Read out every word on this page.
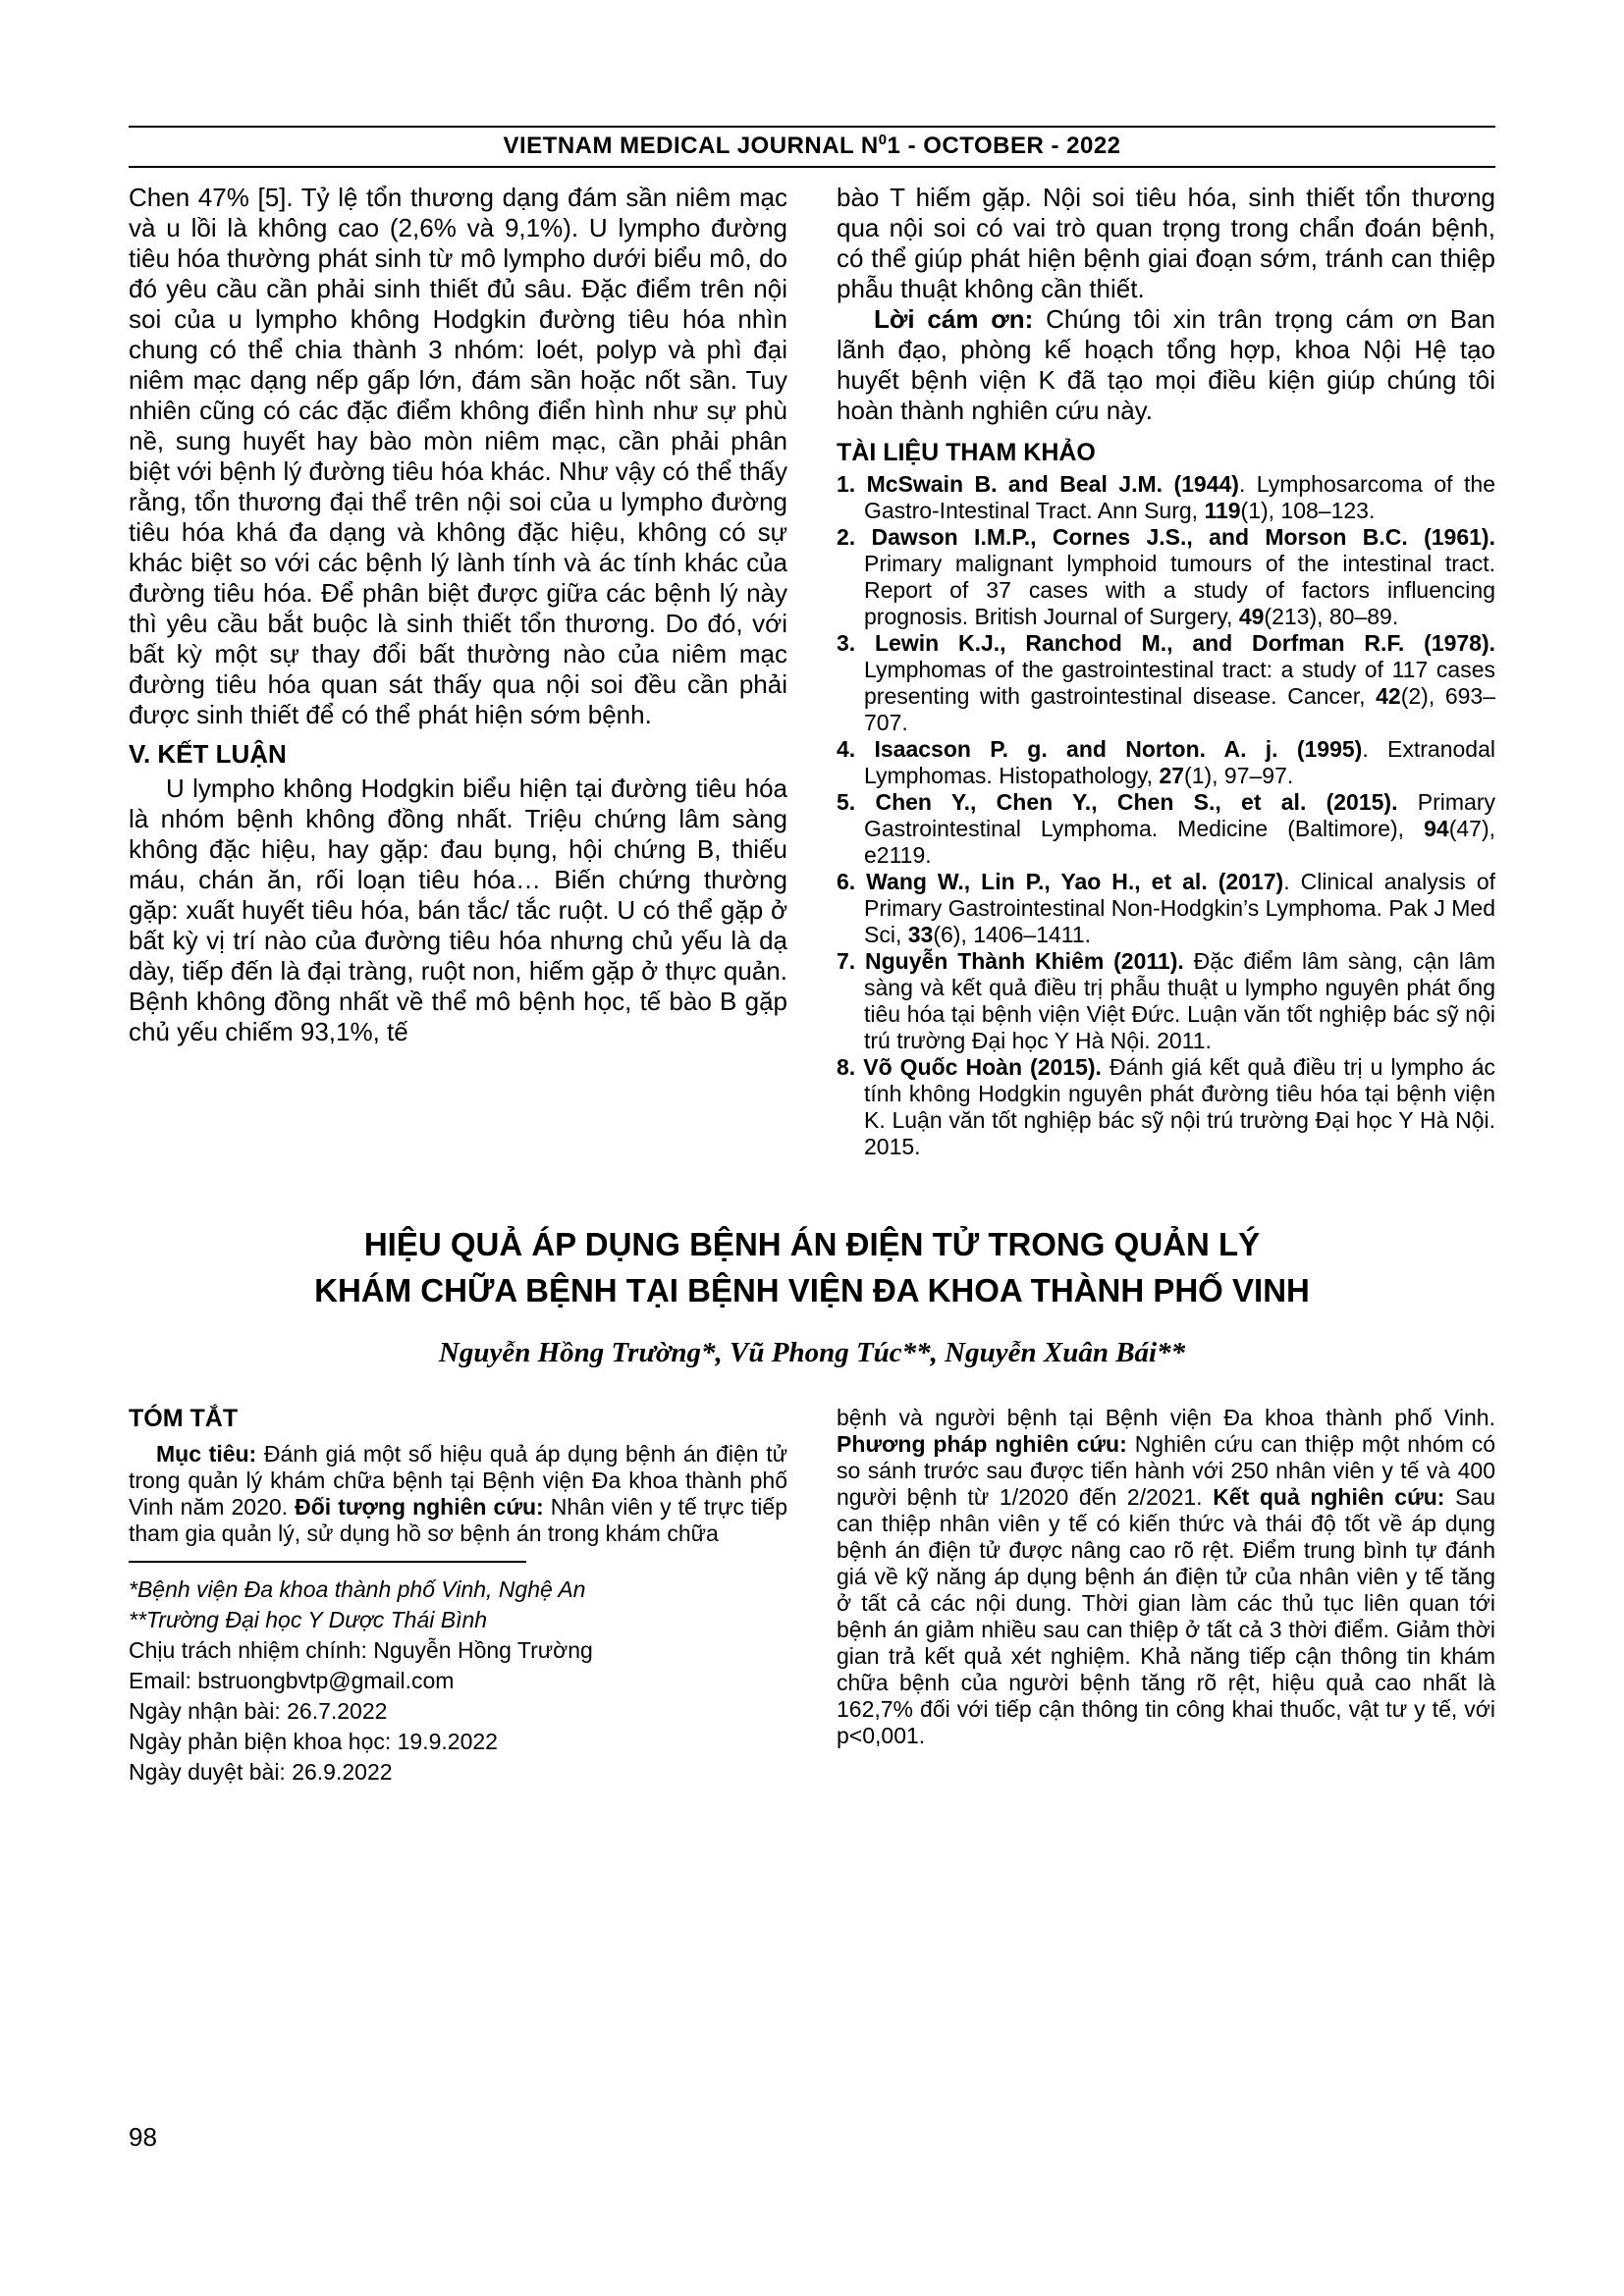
VIETNAM MEDICAL JOURNAL $N^01$ - OCTOBER - 2022

Chen 47% [5]. Tỷ lệ tổn thương dạng đám sần niêm mạc và u lồi là không cao (2,6% và 9,1%). U lympho đường tiêu hóa thường phát sinh từ mô lympho dưới biểu mô, do đó yêu cầu cần phải sinh thiết đủ sâu. Đặc điểm trên nội soi của u lympho không Hodgkin đường tiêu hóa nhìn chung có thể chia thành 3 nhóm: loét, polyp và phì đại niêm mạc dạng nếp gấp lớn, đám sần hoặc nốt sần. Tuy nhiên cũng có các đặc điểm không điển hình như sự phù nề, sung huyết hay bào mòn niêm mạc, cần phải phân biệt với bệnh lý đường tiêu hóa khác. Như vậy có thể thấy rằng, tổn thương đại thể trên nội soi của u lympho đường tiêu hóa khá đa dạng và không đặc hiệu, không có sự khác biệt so với các bệnh lý lành tính và ác tính khác của đường tiêu hóa. Để phân biệt được giữa các bệnh lý này thì yêu cầu bắt buộc là sinh thiết tổn thương. Do đó, với bất kỳ một sự thay đổi bất thường nào của niêm mạc đường tiêu hóa quan sát thấy qua nội soi đều cần phải được sinh thiết để có thể phát hiện sớm bệnh.

V. KẾT LUẬN

U lympho không Hodgkin biểu hiện tại đường tiêu hóa là nhóm bệnh không đồng nhất. Triệu chứng lâm sàng không đặc hiệu, hay gặp: đau bụng, hội chứng B, thiếu máu, chán ăn, rối loạn tiêu hóa… Biến chứng thường gặp: xuất huyết tiêu hóa, bán tắc/ tắc ruột. U có thể gặp ở bất kỳ vị trí nào của đường tiêu hóa nhưng chủ yếu là dạ dày, tiếp đến là đại tràng, ruột non, hiếm gặp ở thực quản. Bệnh không đồng nhất về thể mô bệnh học, tế bào B gặp chủ yếu chiếm 93,1%, tế

bào T hiếm gặp. Nội soi tiêu hóa, sinh thiết tổn thương qua nội soi có vai trò quan trọng trong chẩn đoán bệnh, có thể giúp phát hiện bệnh giai đoạn sớm, tránh can thiệp phẫu thuật không cần thiết.

Lời cám ơn: Chúng tôi xin trân trọng cám ơn Ban lãnh đạo, phòng kế hoạch tổng hợp, khoa Nội Hệ tạo huyết bệnh viện K đã tạo mọi điều kiện giúp chúng tôi hoàn thành nghiên cứu này.

TÀI LIỆU THAM KHẢO
1. McSwain B. and Beal J.M. (1944). Lymphosarcoma of the Gastro-Intestinal Tract. Ann Surg, 119(1), 108–123.
2. Dawson I.M.P., Cornes J.S., and Morson B.C. (1961). Primary malignant lymphoid tumours of the intestinal tract. Report of 37 cases with a study of factors influencing prognosis. British Journal of Surgery, 49(213), 80–89.
3. Lewin K.J., Ranchod M., and Dorfman R.F. (1978). Lymphomas of the gastrointestinal tract: a study of 117 cases presenting with gastrointestinal disease. Cancer, 42(2), 693–707.
4. Isaacson P. g. and Norton. A. j. (1995). Extranodal Lymphomas. Histopathology, 27(1), 97–97.
5. Chen Y., Chen Y., Chen S., et al. (2015). Primary Gastrointestinal Lymphoma. Medicine (Baltimore), 94(47), e2119.
6. Wang W., Lin P., Yao H., et al. (2017). Clinical analysis of Primary Gastrointestinal Non-Hodgkin’s Lymphoma. Pak J Med Sci, 33(6), 1406–1411.
7. Nguyễn Thành Khiêm (2011). Đặc điểm lâm sàng, cận lâm sàng và kết quả điều trị phẫu thuật u lympho nguyên phát ống tiêu hóa tại bệnh viện Việt Đức. Luận văn tốt nghiệp bác sỹ nội trú trường Đại học Y Hà Nội. 2011.
8. Võ Quốc Hoàn (2015). Đánh giá kết quả điều trị u lympho ác tính không Hodgkin nguyên phát đường tiêu hóa tại bệnh viện K. Luận văn tốt nghiệp bác sỹ nội trú trường Đại học Y Hà Nội. 2015.
HIỆU QUẢ ÁP DỤNG BỆNH ÁN ĐIỆN TỬ TRONG QUẢN LÝ
KHÁM CHỮA BỆNH TẠI BỆNH VIỆN ĐA KHOA THÀNH PHỐ VINH
Nguyễn Hồng Trường*, Vũ Phong Túc**, Nguyễn Xuân Bái**
TÓM TẮT

Mục tiêu: Đánh giá một số hiệu quả áp dụng bệnh án điện tử trong quản lý khám chữa bệnh tại Bệnh viện Đa khoa thành phố Vinh năm 2020. Đối tượng nghiên cứu: Nhân viên y tế trực tiếp tham gia quản lý, sử dụng hồ sơ bệnh án trong khám chữa

*Bệnh viện Đa khoa thành phố Vinh, Nghệ An
**Trường Đại học Y Dược Thái Bình
Chịu trách nhiệm chính: Nguyễn Hồng Trường
Email: bstruongbvtp@gmail.com
Ngày nhận bài: 26.7.2022
Ngày phản biện khoa học: 19.9.2022
Ngày duyệt bài: 26.9.2022

bệnh và người bệnh tại Bệnh viện Đa khoa thành phố Vinh. Phương pháp nghiên cứu: Nghiên cứu can thiệp một nhóm có so sánh trước sau được tiến hành với 250 nhân viên y tế và 400 người bệnh từ 1/2020 đến 2/2021. Kết quả nghiên cứu: Sau can thiệp nhân viên y tế có kiến thức và thái độ tốt về áp dụng bệnh án điện tử được nâng cao rõ rệt. Điểm trung bình tự đánh giá về kỹ năng áp dụng bệnh án điện tử của nhân viên y tế tăng ở tất cả các nội dung. Thời gian làm các thủ tục liên quan tới bệnh án giảm nhiều sau can thiệp ở tất cả 3 thời điểm. Giảm thời gian trả kết quả xét nghiệm. Khả năng tiếp cận thông tin khám chữa bệnh của người bệnh tăng rõ rệt, hiệu quả cao nhất là 162,7% đối với tiếp cận thông tin công khai thuốc, vật tư y tế, với p<0,001.

98
